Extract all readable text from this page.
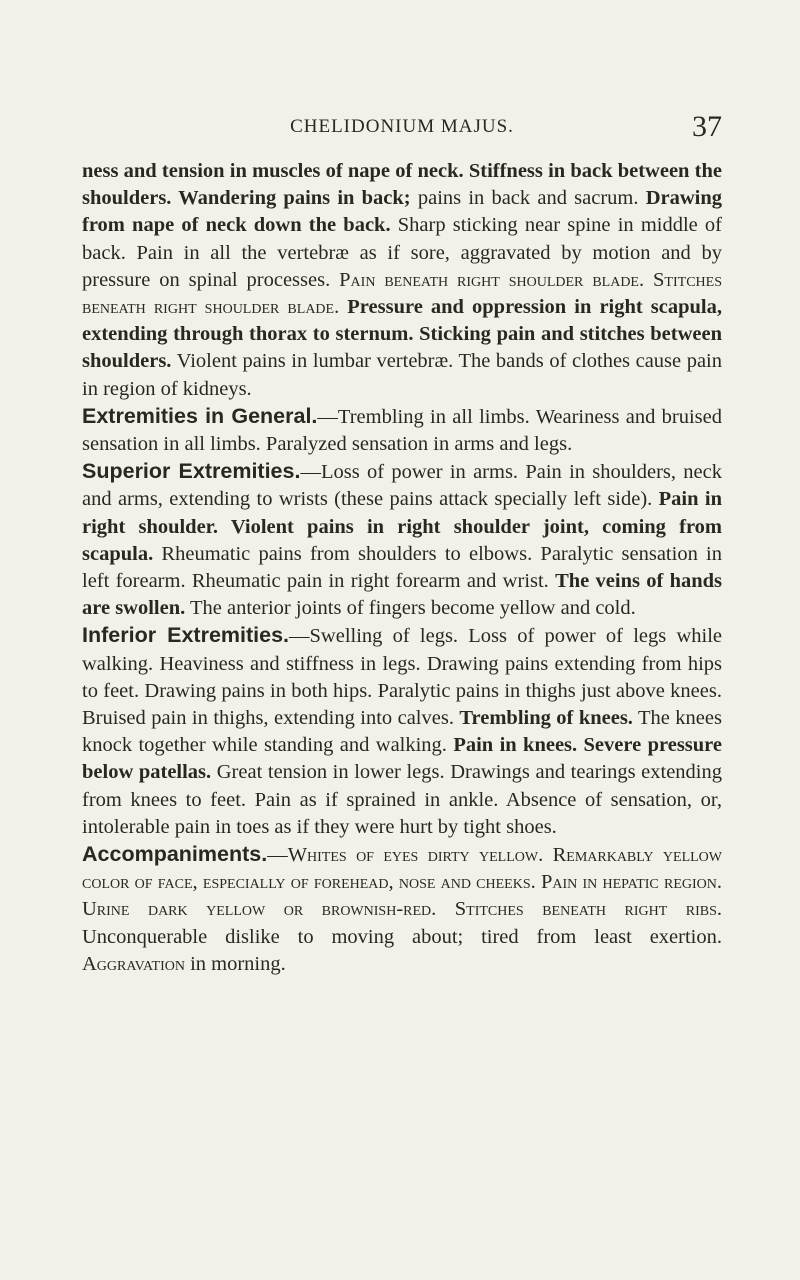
CHELIDONIUM MAJUS.	37

ness and tension in muscles of nape of neck. Stiffness in back between the shoulders. Wandering pains in back; pains in back and sacrum. Drawing from nape of neck down the back. Sharp sticking near spine in middle of back. Pain in all the vertebræ as if sore, aggravated by motion and by pressure on spinal processes. Pain beneath right shoulder blade. Stitches beneath right shoulder blade. Pressure and oppression in right scapula, extending through thorax to sternum. Sticking pain and stitches between shoulders. Violent pains in lumbar vertebræ. The bands of clothes cause pain in region of kidneys.

Extremities in General.—Trembling in all limbs. Weariness and bruised sensation in all limbs. Paralyzed sensation in arms and legs.

Superior Extremities.—Loss of power in arms. Pain in shoulders, neck and arms, extending to wrists (these pains attack specially left side). Pain in right shoulder. Violent pains in right shoulder joint, coming from scapula. Rheumatic pains from shoulders to elbows. Paralytic sensation in left forearm. Rheumatic pain in right forearm and wrist. The veins of hands are swollen. The anterior joints of fingers become yellow and cold.

Inferior Extremities.—Swelling of legs. Loss of power of legs while walking. Heaviness and stiffness in legs. Drawing pains extending from hips to feet. Drawing pains in both hips. Paralytic pains in thighs just above knees. Bruised pain in thighs, extending into calves. Trembling of knees. The knees knock together while standing and walking. Pain in knees. Severe pressure below patellas. Great tension in lower legs. Drawings and tearings extending from knees to feet. Pain as if sprained in ankle. Absence of sensation, or, intolerable pain in toes as if they were hurt by tight shoes.

Accompaniments.—Whites of eyes dirty yellow. Remarkably yellow color of face, especially of forehead, nose and cheeks. Pain in hepatic region. Urine dark yellow or brownish-red. Stitches beneath right ribs. Unconquerable dislike to moving about; tired from least exertion. Aggravation in morning.
